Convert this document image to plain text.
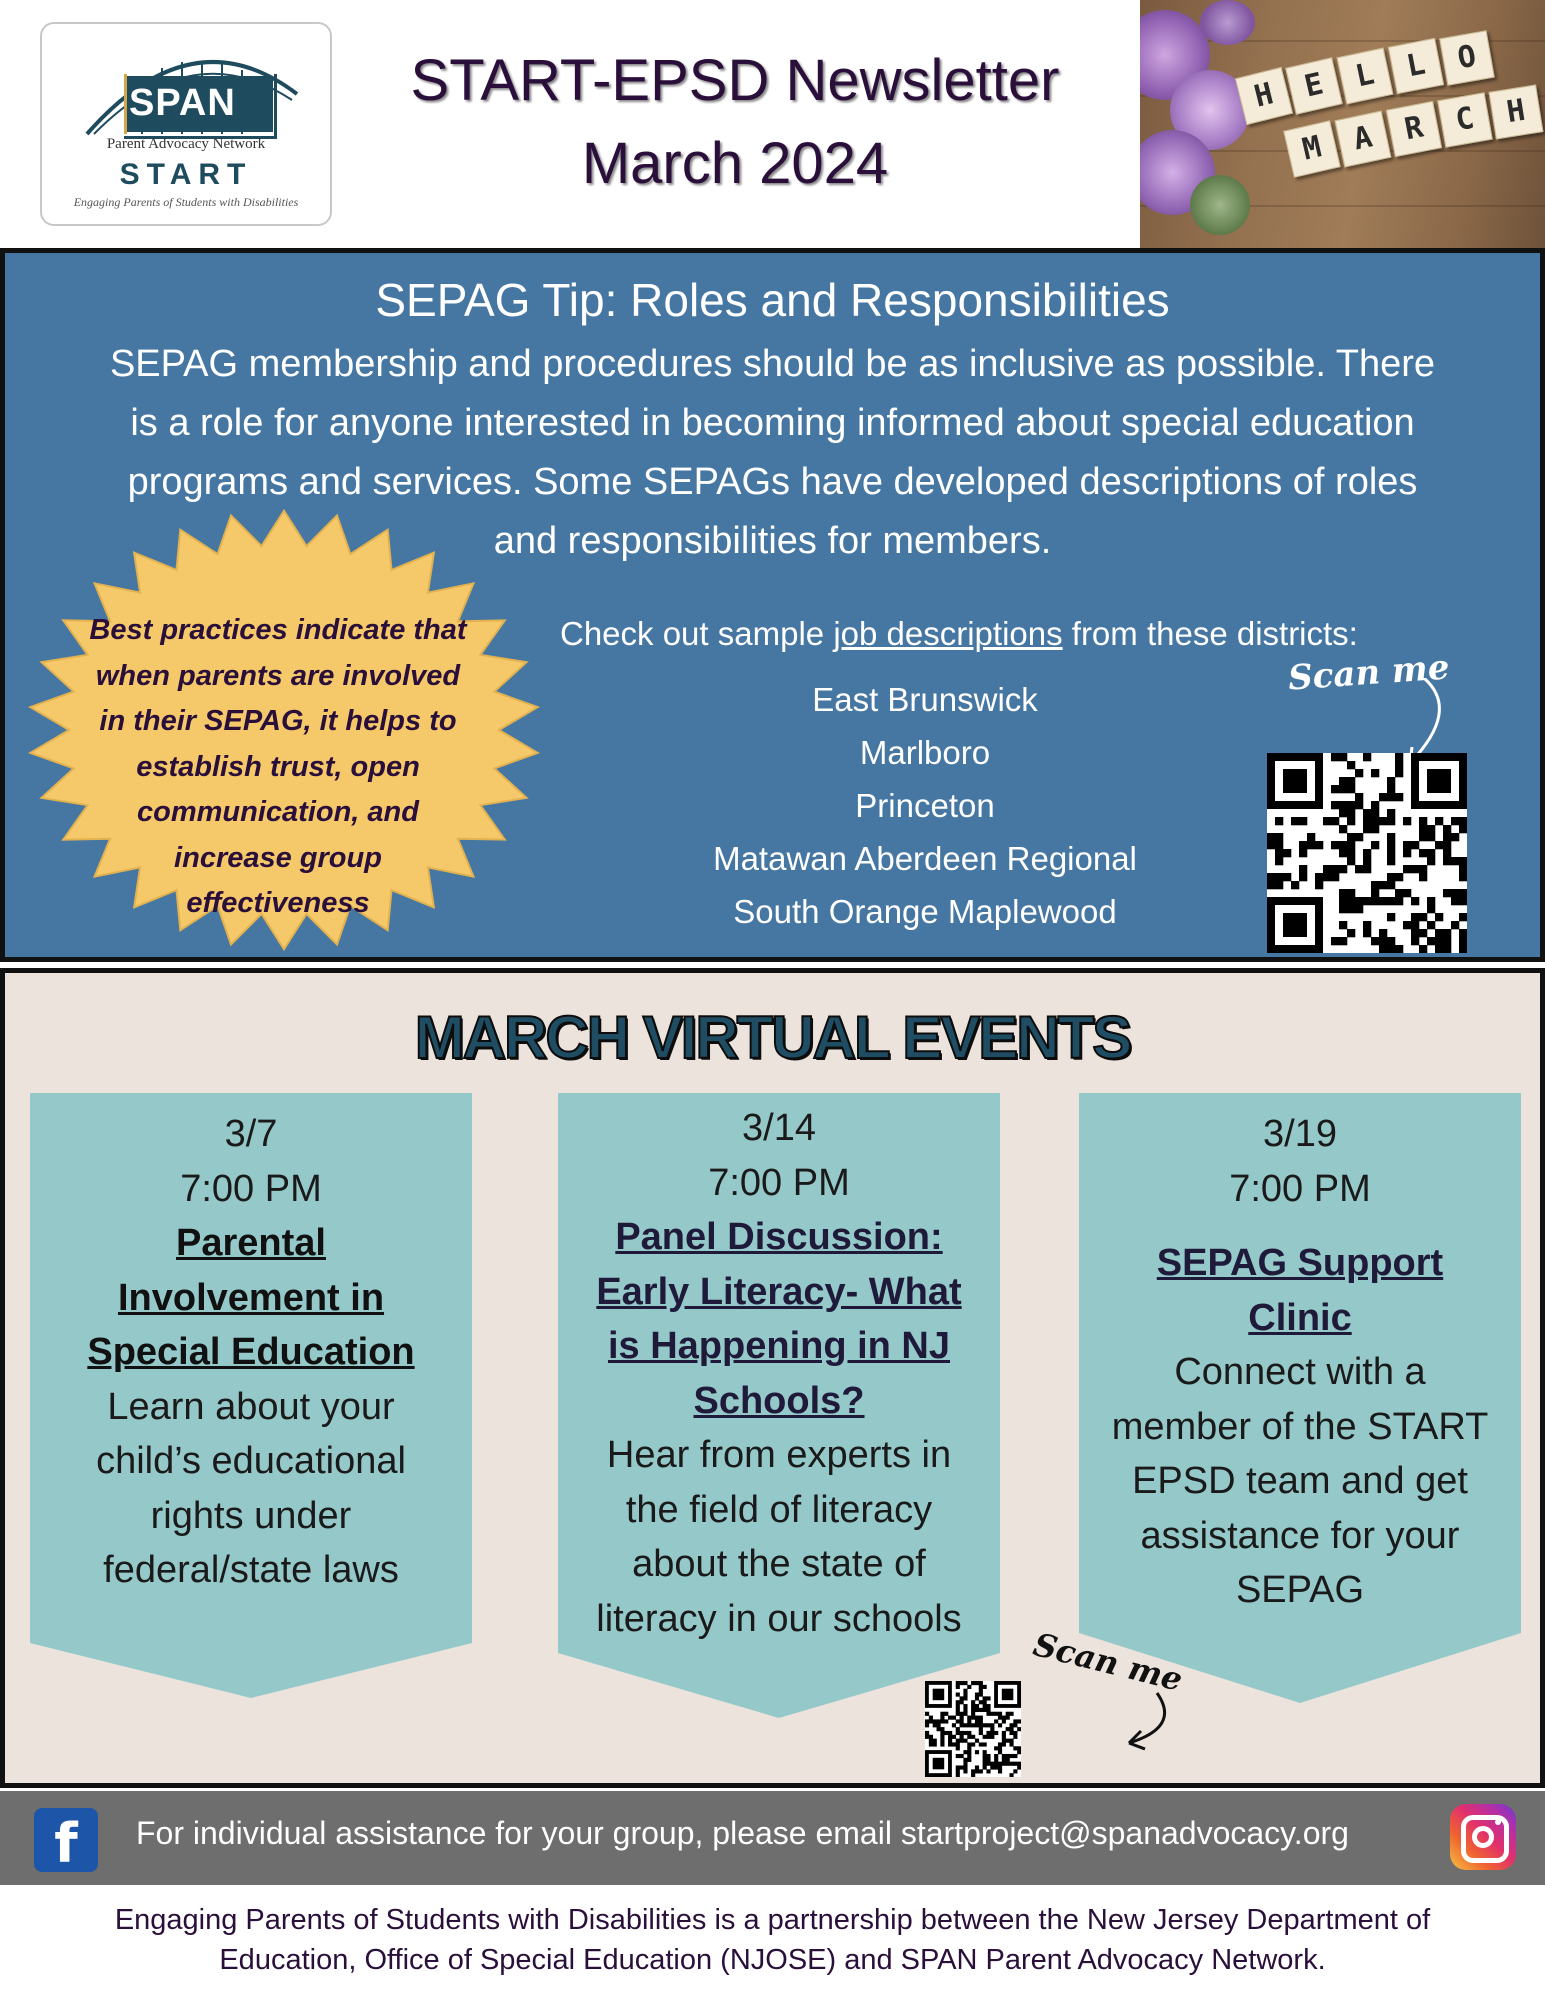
SPAN
Parent Advocacy Network
START
Engaging Parents of Students with Disabilities
START-EPSD Newsletter
March 2024
H E L L O
M A R C H
SEPAG Tip: Roles and Responsibilities
SEPAG membership and procedures should be as inclusive as possible. There
is a role for anyone interested in becoming informed about special education
programs and services. Some SEPAGs have developed descriptions of roles
and responsibilities for members.
Best practices indicate that
when parents are involved
in their SEPAG, it helps to
establish trust, open
communication, and
increase group
effectiveness
Check out sample job descriptions from these districts:
East Brunswick
Marlboro
Princeton
Matawan Aberdeen Regional
South Orange Maplewood
Scan me
MARCH VIRTUAL EVENTS
3/7
7:00 PM
Parental
Involvement in
Special Education
Learn about your
child’s educational
rights under
federal/state laws
3/14
7:00 PM
Panel Discussion:
Early Literacy- What
is Happening in NJ
Schools?
Hear from experts in
the field of literacy
about the state of
literacy in our schools
3/19
7:00 PM
SEPAG Support
Clinic
Connect with a
member of the START
EPSD team and get
assistance for your
SEPAG
Scan me
f	For individual assistance for your group, please email startproject@spanadvocacy.org
Engaging Parents of Students with Disabilities is a partnership between the New Jersey Department of
Education, Office of Special Education (NJOSE) and SPAN Parent Advocacy Network.
